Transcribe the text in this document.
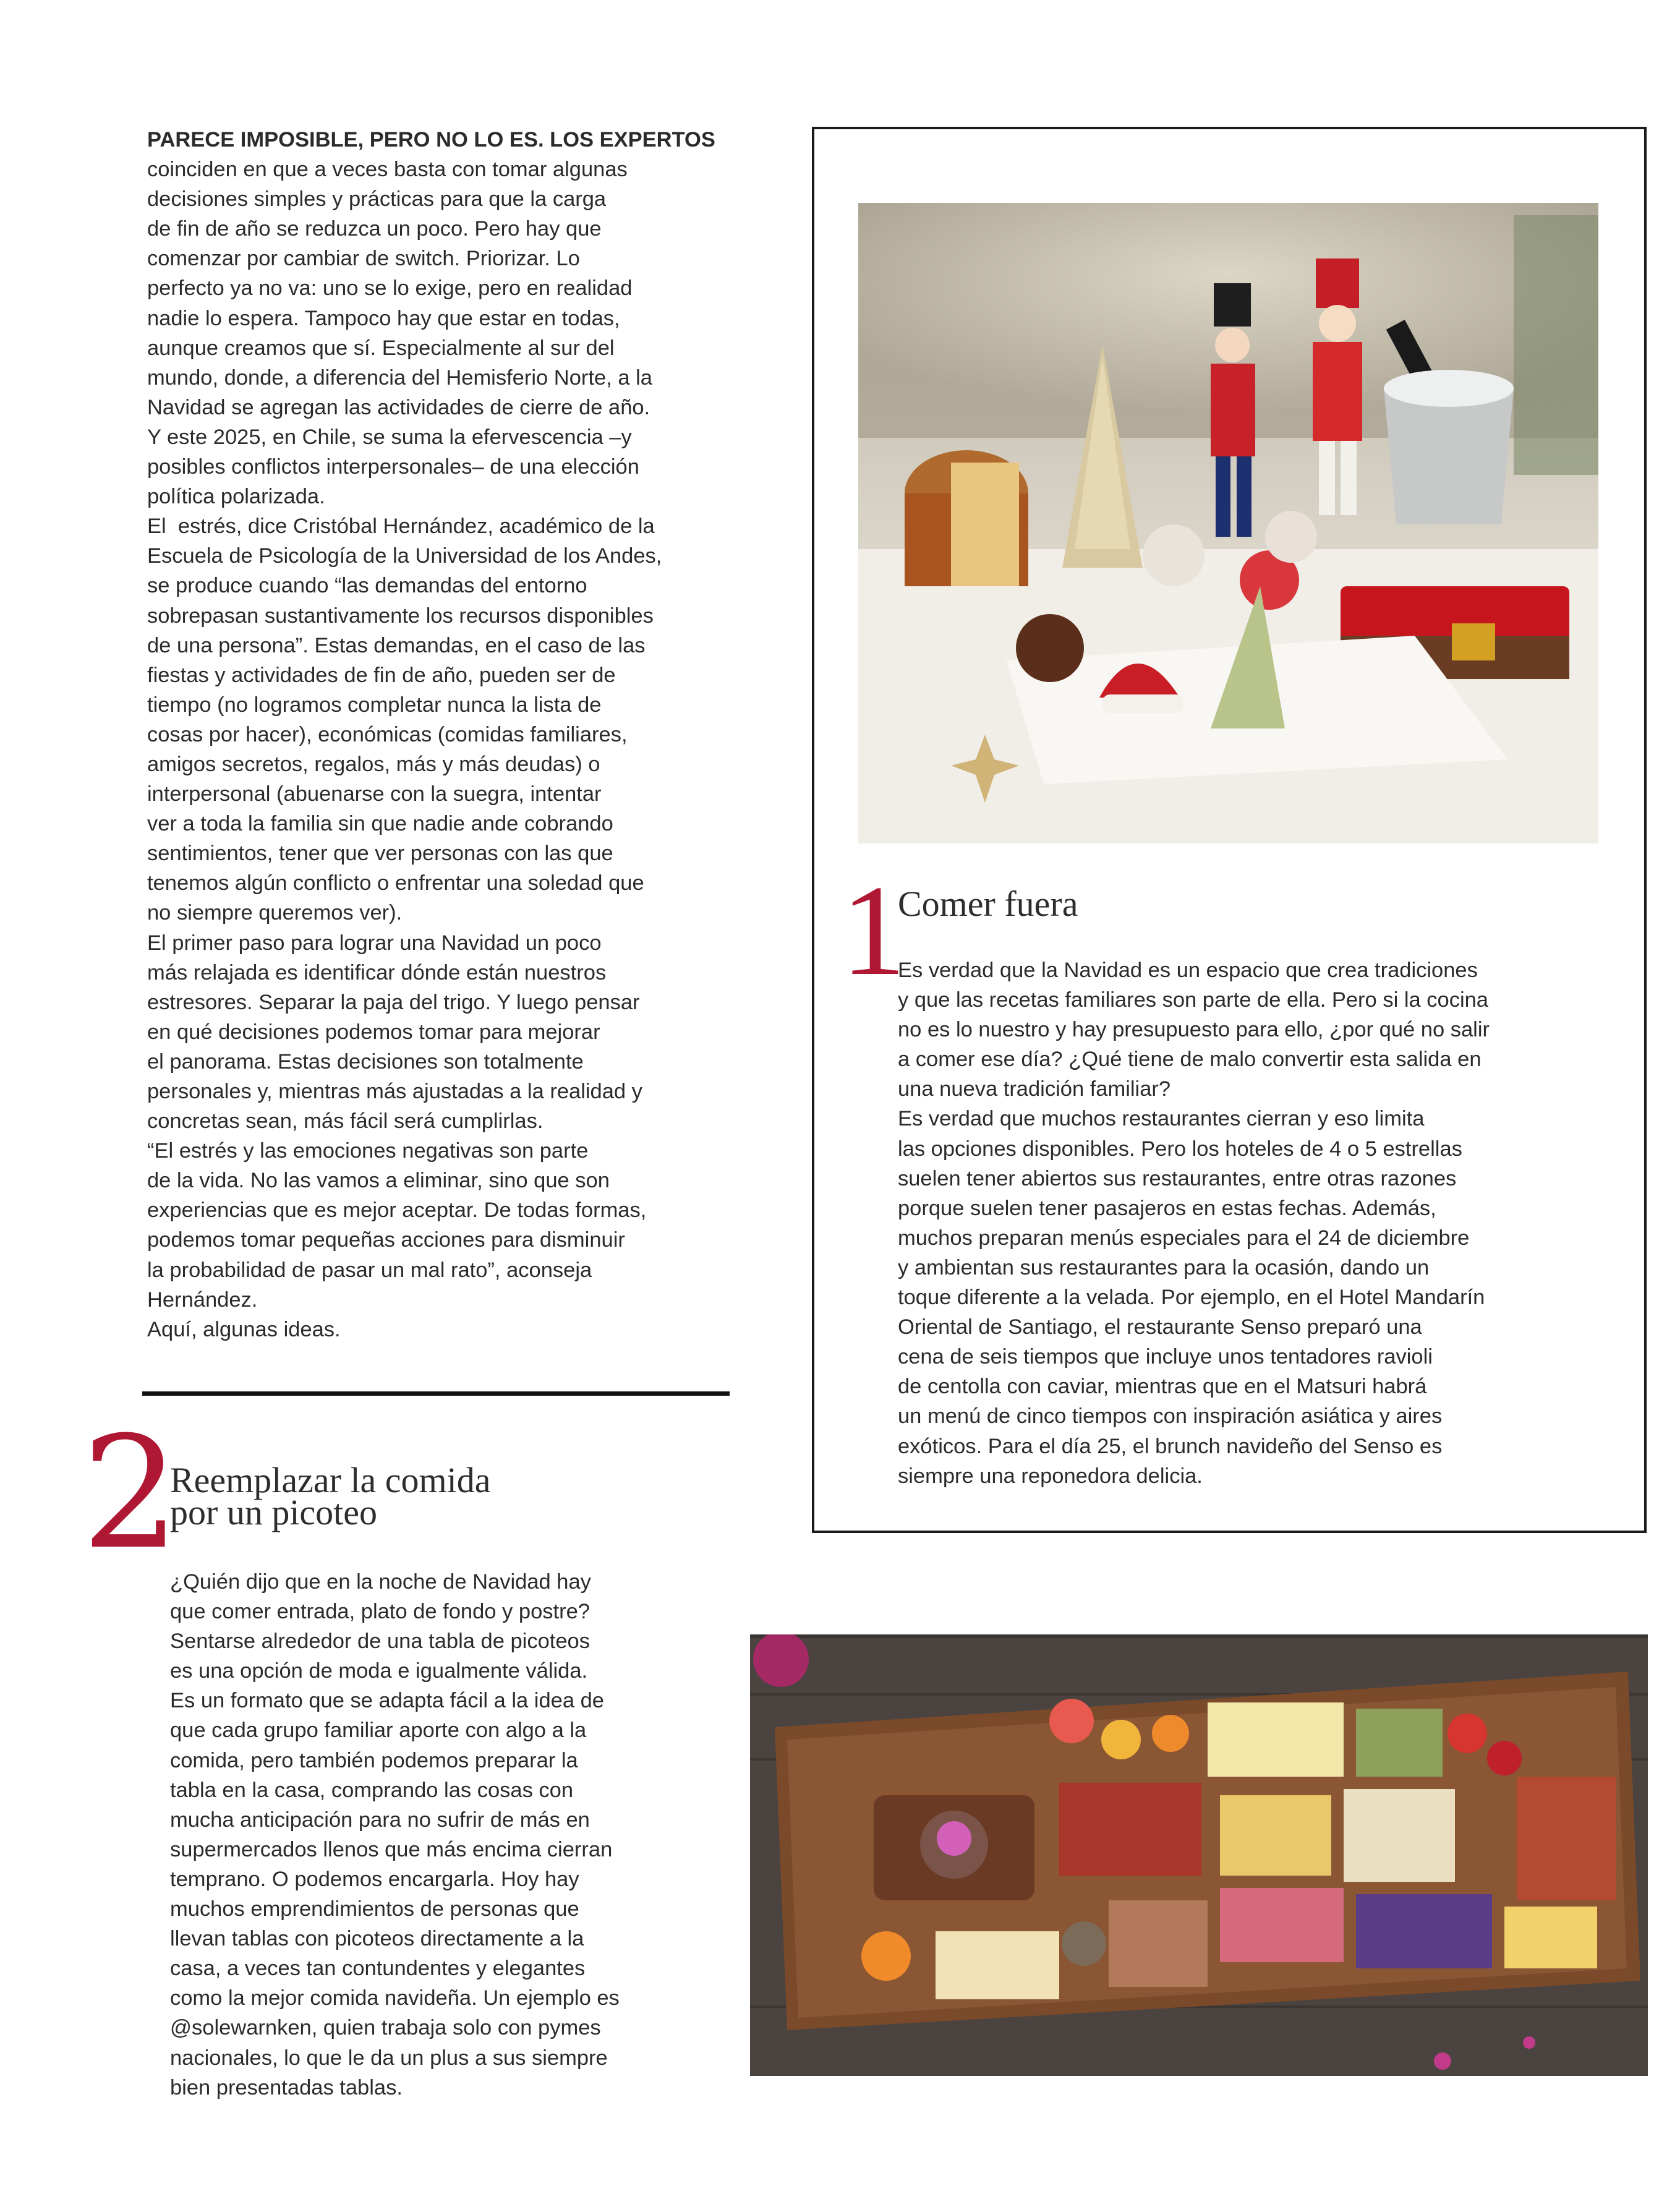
PARECE IMPOSIBLE, PERO NO LO ES. LOS EXPERTOS

coinciden en que a veces basta con tomar algunas
decisiones simples y prácticas para que la carga
de fin de año se reduzca un poco. Pero hay que
comenzar por cambiar de switch. Priorizar. Lo
perfecto ya no va: uno se lo exige, pero en realidad
nadie lo espera. Tampoco hay que estar en todas,
aunque creamos que sí. Especialmente al sur del
mundo, donde, a diferencia del Hemisferio Norte, a la
Navidad se agregan las actividades de cierre de año.
Y este 2025, en Chile, se suma la efervescencia –y
posibles conflictos interpersonales– de una elección
política polarizada.
El  estrés, dice Cristóbal Hernández, académico de la
Escuela de Psicología de la Universidad de los Andes,
se produce cuando “las demandas del entorno
sobrepasan sustantivamente los recursos disponibles
de una persona”. Estas demandas, en el caso de las
fiestas y actividades de fin de año, pueden ser de
tiempo (no logramos completar nunca la lista de
cosas por hacer), económicas (comidas familiares,
amigos secretos, regalos, más y más deudas) o
interpersonal (abuenarse con la suegra, intentar
ver a toda la familia sin que nadie ande cobrando
sentimientos, tener que ver personas con las que
tenemos algún conflicto o enfrentar una soledad que
no siempre queremos ver).
El primer paso para lograr una Navidad un poco
más relajada es identificar dónde están nuestros
estresores. Separar la paja del trigo. Y luego pensar
en qué decisiones podemos tomar para mejorar
el panorama. Estas decisiones son totalmente
personales y, mientras más ajustadas a la realidad y
concretas sean, más fácil será cumplirlas.
“El estrés y las emociones negativas son parte
de la vida. No las vamos a eliminar, sino que son
experiencias que es mejor aceptar. De todas formas,
podemos tomar pequeñas acciones para disminuir
la probabilidad de pasar un mal rato”, aconseja
Hernández.
Aquí, algunas ideas.
2
Reemplazar la comida
por un picoteo
¿Quién dijo que en la noche de Navidad hay
que comer entrada, plato de fondo y postre?
Sentarse alrededor de una tabla de picoteos
es una opción de moda e igualmente válida.
Es un formato que se adapta fácil a la idea de
que cada grupo familiar aporte con algo a la
comida, pero también podemos preparar la
tabla en la casa, comprando las cosas con
mucha anticipación para no sufrir de más en
supermercados llenos que más encima cierran
temprano. O podemos encargarla. Hoy hay
muchos emprendimientos de personas que
llevan tablas con picoteos directamente a la
casa, a veces tan contundentes y elegantes
como la mejor comida navideña. Un ejemplo es
@solewarnken, quien trabaja solo con pymes
nacionales, lo que le da un plus a sus siempre
bien presentadas tablas.
1
Comer fuera
Es verdad que la Navidad es un espacio que crea tradiciones
y que las recetas familiares son parte de ella. Pero si la cocina
no es lo nuestro y hay presupuesto para ello, ¿por qué no salir
a comer ese día? ¿Qué tiene de malo convertir esta salida en
una nueva tradición familiar?
Es verdad que muchos restaurantes cierran y eso limita
las opciones disponibles. Pero los hoteles de 4 o 5 estrellas
suelen tener abiertos sus restaurantes, entre otras razones
porque suelen tener pasajeros en estas fechas. Además,
muchos preparan menús especiales para el 24 de diciembre
y ambientan sus restaurantes para la ocasión, dando un
toque diferente a la velada. Por ejemplo, en el Hotel Mandarín
Oriental de Santiago, el restaurante Senso preparó una
cena de seis tiempos que incluye unos tentadores ravioli
de centolla con caviar, mientras que en el Matsuri habrá
un menú de cinco tiempos con inspiración asiática y aires
exóticos. Para el día 25, el brunch navideño del Senso es
siempre una reponedora delicia.
